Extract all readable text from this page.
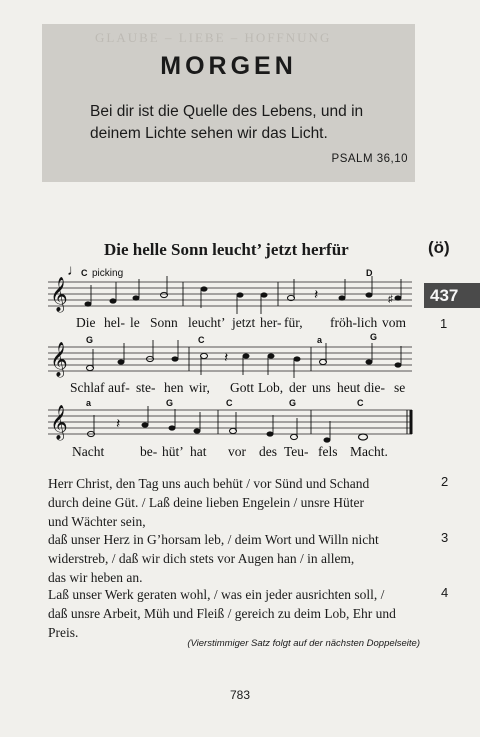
GLAUBE – LIEBE – HOFFNUNG
MORGEN
Bei dir ist die Quelle des Lebens, und in
deinem Lichte sehen wir das Licht.
PSALM 36,10
Die helle Sonn leucht’ jetzt herfür	(ö)
437
1
𝄞
𝄞
𝄞
♩
𝄽
𝄽
𝄽
♯
C picking	D
G	C	a	G
a	G	C	G	C
Die hel- le Sonn leucht’ jetzt her- für, fröh- lich vom
Schlaf auf- ste- hen wir, Gott Lob, der uns heut die- se
Nacht	be- hüt’ hat vor des Teu- fels Macht.
Herr Christ, den Tag uns auch behüt / vor Sünd und Schand
durch deine Güt. / Laß deine lieben Engelein / unsre Hüter
und Wächter sein,
2
daß unser Herz in G’horsam leb, / deim Wort und Willn nicht
widerstreb, / daß wir dich stets vor Augen han / in allem,
das wir heben an.
3
Laß unser Werk geraten wohl, / was ein jeder ausrichten soll, /
daß unsre Arbeit, Müh und Fleiß / gereich zu deim Lob, Ehr und
Preis.
4
(Vierstimmiger Satz folgt auf der nächsten Doppelseite)
783
